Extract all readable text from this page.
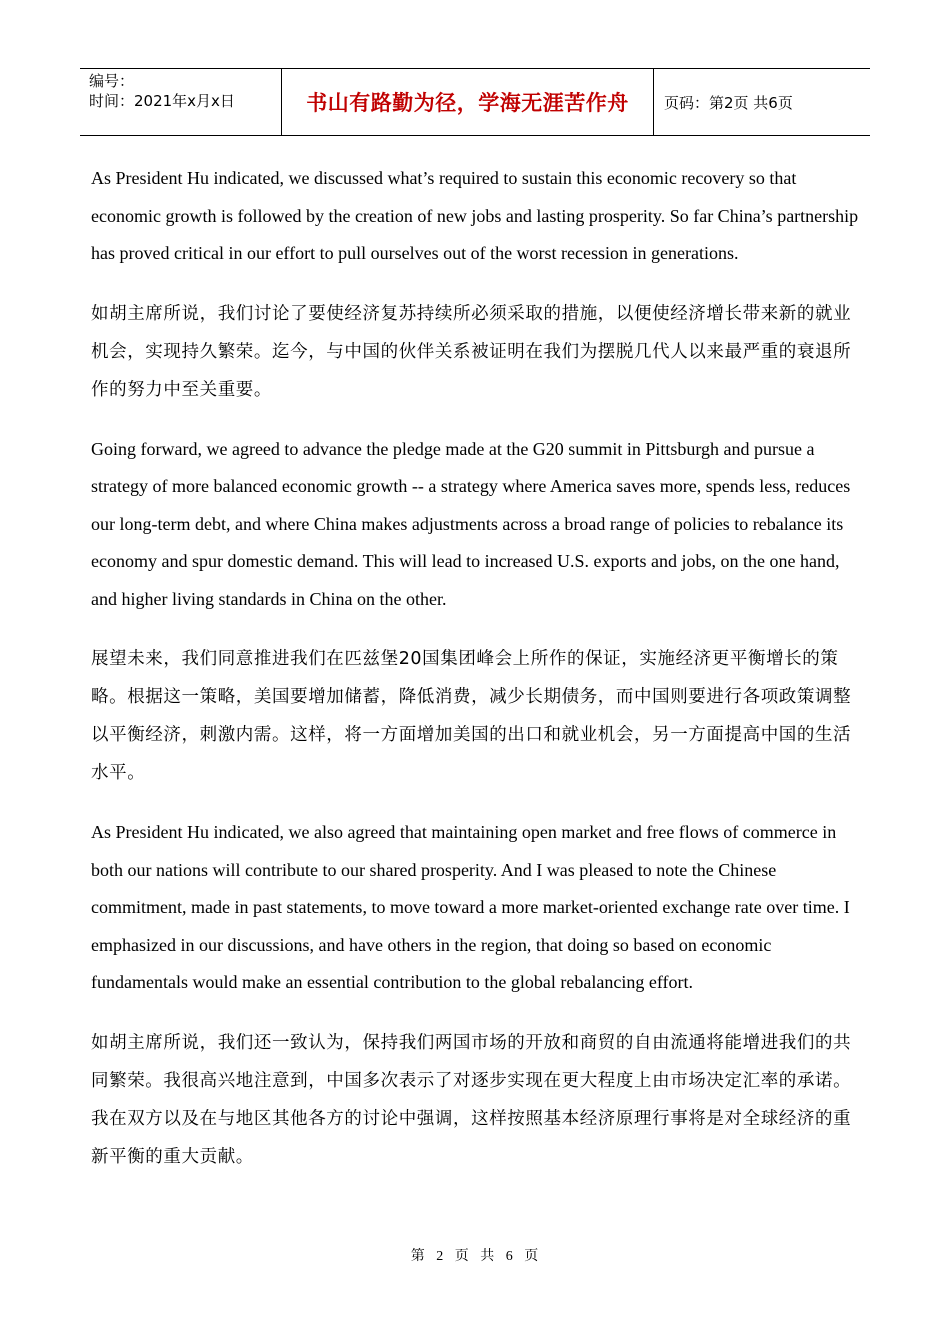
编号：
时间：2021年x月x日	书山有路勤为径，学海无涯苦作舟	页码：第2页 共6页

As President Hu indicated, we discussed what’s required to sustain this economic recovery so that economic growth is followed by the creation of new jobs and lasting prosperity. So far China’s partnership has proved critical in our effort to pull ourselves out of the worst recession in generations.

如胡主席所说，我们讨论了要使经济复苏持续所必须采取的措施，以便使经济增长带来新的就业机会，实现持久繁荣。迄今，与中国的伙伴关系被证明在我们为摆脱几代人以来最严重的衰退所作的努力中至关重要。

Going forward, we agreed to advance the pledge made at the G20 summit in Pittsburgh and pursue a strategy of more balanced economic growth -- a strategy where America saves more, spends less, reduces our long-term debt, and where China makes adjustments across a broad range of policies to rebalance its economy and spur domestic demand. This will lead to increased U.S. exports and jobs, on the one hand, and higher living standards in China on the other.

展望未来，我们同意推进我们在匹兹堡20国集团峰会上所作的保证，实施经济更平衡增长的策略。根据这一策略，美国要增加储蓄，降低消费，减少长期债务，而中国则要进行各项政策调整以平衡经济，刺激内需。这样，将一方面增加美国的出口和就业机会，另一方面提高中国的生活水平。

As President Hu indicated, we also agreed that maintaining open market and free flows of commerce in both our nations will contribute to our shared prosperity. And I was pleased to note the Chinese commitment, made in past statements, to move toward a more market-oriented exchange rate over time. I emphasized in our discussions, and have others in the region, that doing so based on economic fundamentals would make an essential contribution to the global rebalancing effort.

如胡主席所说，我们还一致认为，保持我们两国市场的开放和商贸的自由流通将能增进我们的共同繁荣。我很高兴地注意到，中国多次表示了对逐步实现在更大程度上由市场决定汇率的承诺。我在双方以及在与地区其他各方的讨论中强调，这样按照基本经济原理行事将是对全球经济的重新平衡的重大贡献。

第 2 页 共 6 页
